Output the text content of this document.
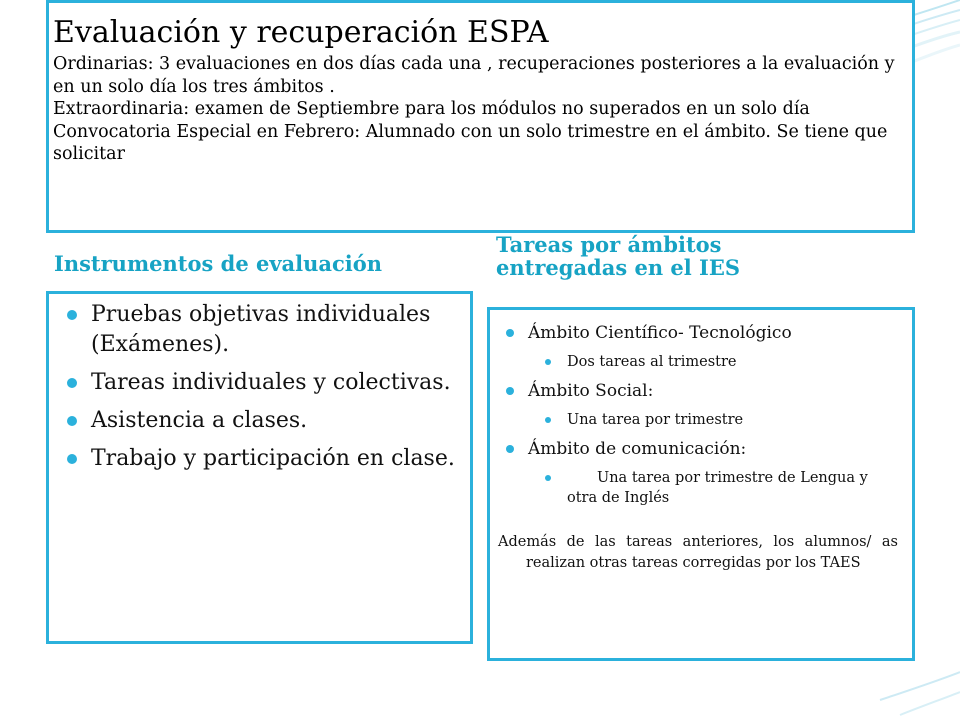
Evaluación y recuperación ESPA

Ordinarias: 3 evaluaciones en dos días cada una , recuperaciones posteriores a la evaluación y en un solo día los tres ámbitos .

Extraordinaria: examen de Septiembre para los módulos no superados en un solo día

Convocatoria Especial en Febrero: Alumnado con un solo trimestre en el ámbito. Se tiene que solicitar

Instrumentos de evaluación
Tareas por ámbitos
entregadas en el IES
Pruebas objetivas individuales (Exámenes).
Tareas individuales y colectivas.
Asistencia a clases.
Trabajo y participación en clase.
Ámbito Científico- Tecnológico
Dos tareas al trimestre
Ámbito Social:
Una tarea por trimestre
Ámbito de comunicación:
Una tarea por trimestre de Lengua y otra de Inglés

Además de las tareas anteriores, los alumnos/ as realizan otras tareas corregidas por los TAES
